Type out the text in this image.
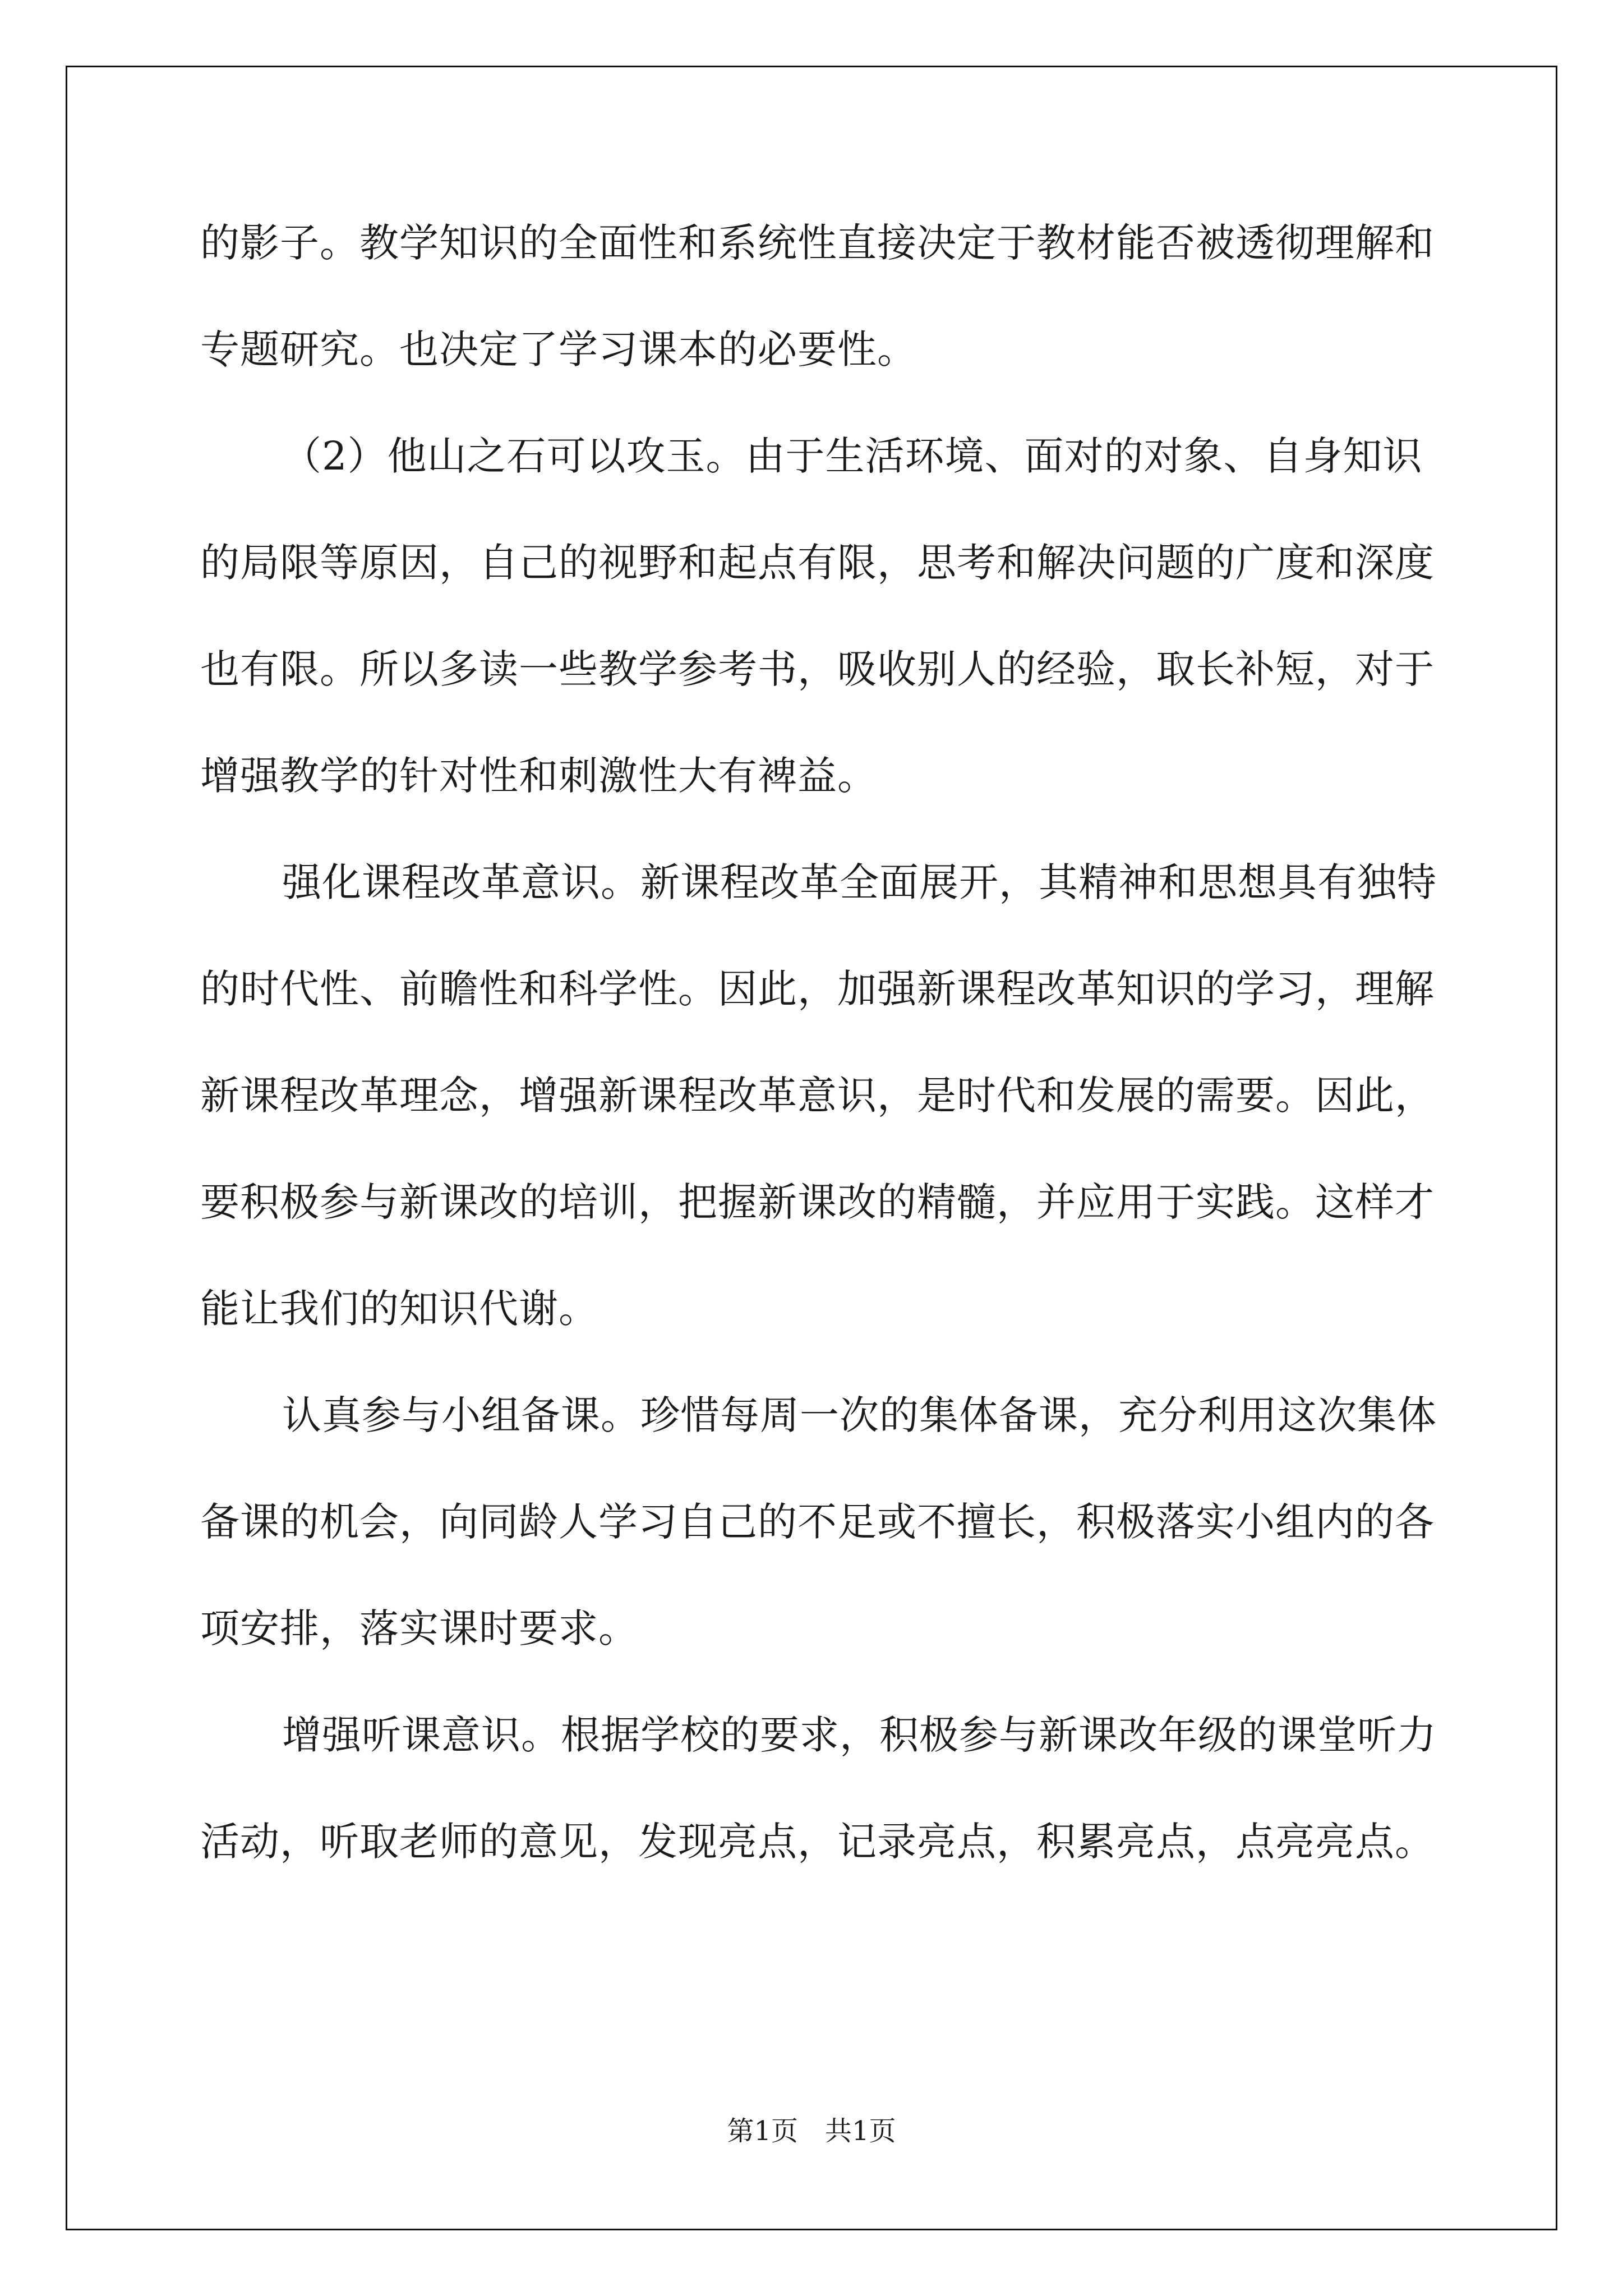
的影子。教学知识的全面性和系统性直接决定于教材能否被透彻理解和专题研究。也决定了学习课本的必要性。

（2）他山之石可以攻玉。由于生活环境、面对的对象、自身知识的局限等原因，自己的视野和起点有限，思考和解决问题的广度和深度也有限。所以多读一些教学参考书，吸收别人的经验，取长补短，对于增强教学的针对性和刺激性大有裨益。

强化课程改革意识。新课程改革全面展开，其精神和思想具有独特的时代性、前瞻性和科学性。因此，加强新课程改革知识的学习，理解新课程改革理念，增强新课程改革意识，是时代和发展的需要。因此，要积极参与新课改的培训，把握新课改的精髓，并应用于实践。这样才能让我们的知识代谢。

认真参与小组备课。珍惜每周一次的集体备课，充分利用这次集体备课的机会，向同龄人学习自己的不足或不擅长，积极落实小组内的各项安排，落实课时要求。

增强听课意识。根据学校的要求，积极参与新课改年级的课堂听力活动，听取老师的意见，发现亮点，记录亮点，积累亮点，点亮亮点。

第1页 共1页
